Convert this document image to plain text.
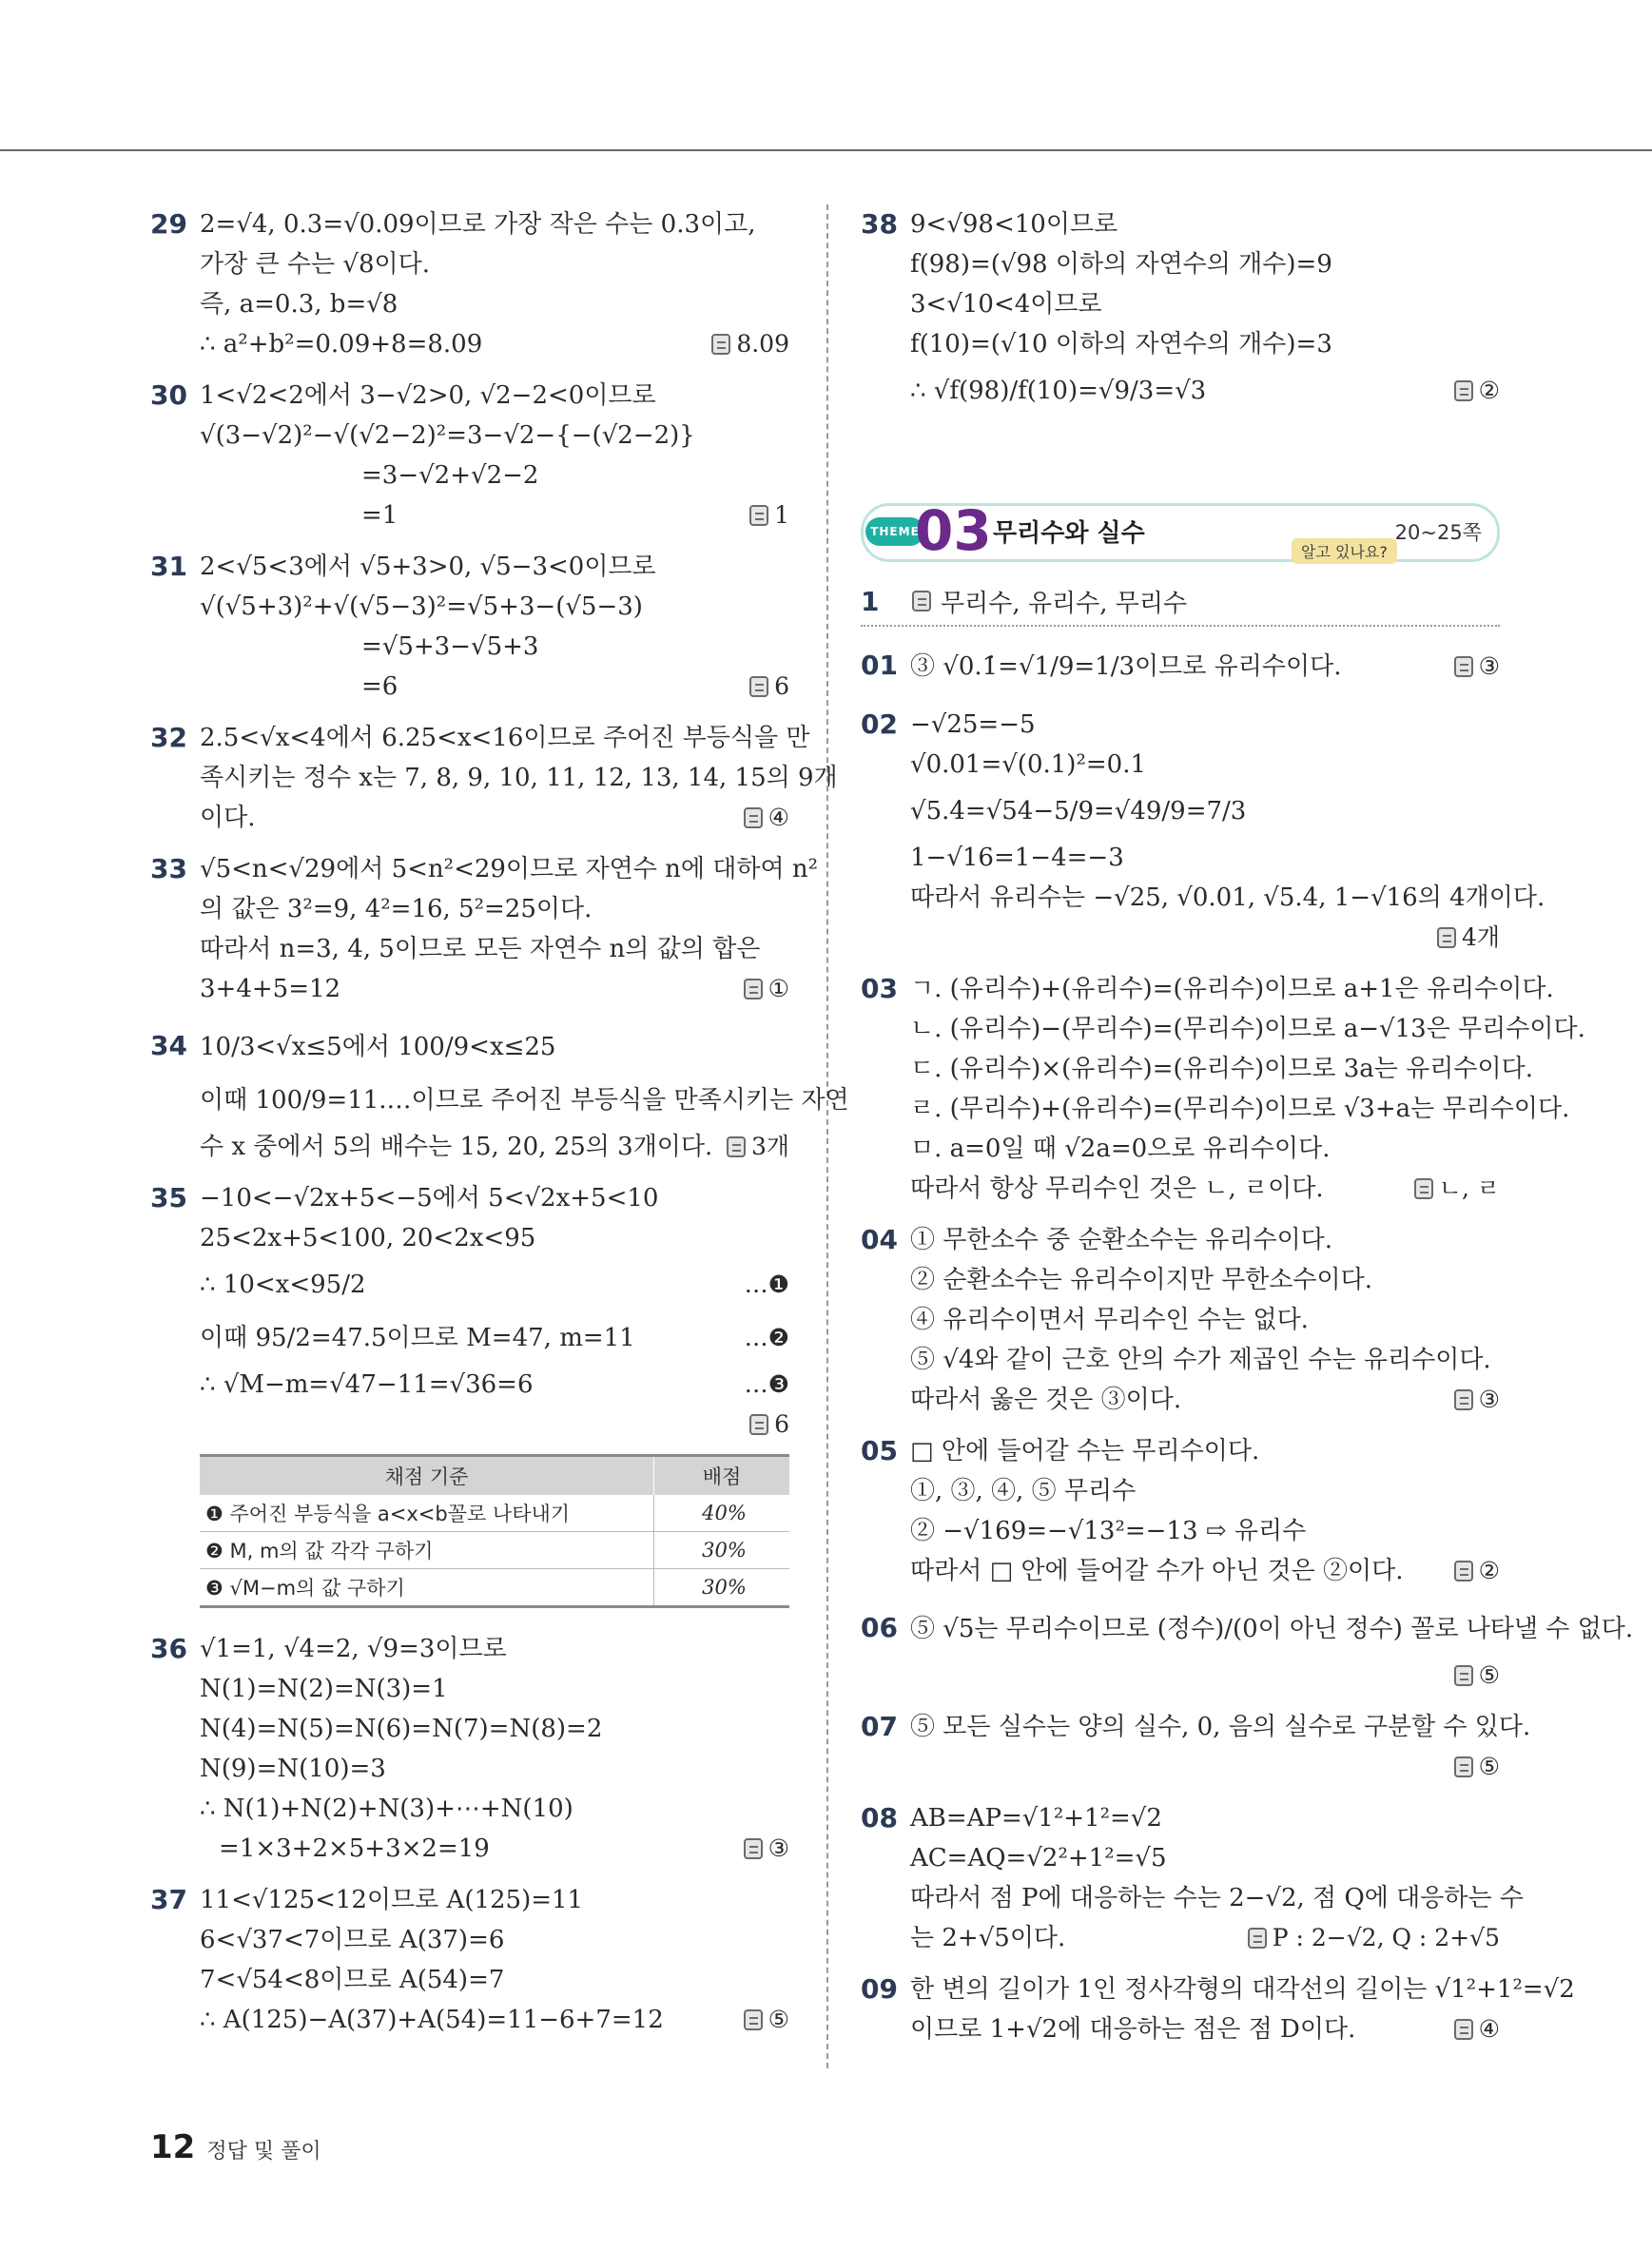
29 2=√4, 0.3=√0.09이므로 가장 작은 수는 0.3이고,
가장 큰 수는 √8이다.
즉, a=0.3, b=√8
∴ a²+b²=0.09+8=8.09	8.09
30 1<√2<2에서 3−√2>0, √2−2<0이므로
√(3−√2)²−√(√2−2)²=3−√2−{−(√2−2)}
=3−√2+√2−2
=1	1
31 2<√5<3에서 √5+3>0, √5−3<0이므로
√(√5+3)²+√(√5−3)²=√5+3−(√5−3)
=√5+3−√5+3
=6	6
32 2.5<√x<4에서 6.25<x<16이므로 주어진 부등식을 만
족시키는 정수 x는 7, 8, 9, 10, 11, 12, 13, 14, 15의 9개
이다.	④
33 √5<n<√29에서 5<n²<29이므로 자연수 n에 대하여 n²
의 값은 3²=9, 4²=16, 5²=25이다.
따라서 n=3, 4, 5이므로 모든 자연수 n의 값의 합은
3+4+5=12	①
34 10/3<√x≤5에서 100/9<x≤25
이때 100/9=11.…이므로 주어진 부등식을 만족시키는 자연
수 x 중에서 5의 배수는 15, 20, 25의 3개이다.	3개
35 −10<−√2x+5<−5에서 5<√2x+5<10
25<2x+5<100, 20<2x<95
∴ 10<x<95/2	…❶
이때 95/2=47.5이므로 M=47, m=11	…❷
∴ √M−m=√47−11=√36=6	…❸
6
채점 기준	배점
❶ 주어진 부등식을 a<x<b꼴로 나타내기	40%
❷ M, m의 값 각각 구하기	30%
❸ √M−m의 값 구하기	30%
36 √1=1, √4=2, √9=3이므로
N(1)=N(2)=N(3)=1
N(4)=N(5)=N(6)=N(7)=N(8)=2
N(9)=N(10)=3
∴ N(1)+N(2)+N(3)+⋯+N(10)
=1×3+2×5+3×2=19	③
37 11<√125<12이므로 A(125)=11
6<√37<7이므로 A(37)=6
7<√54<8이므로 A(54)=7
∴ A(125)−A(37)+A(54)=11−6+7=12	⑤
38 9<√98<10이므로
f(98)=(√98 이하의 자연수의 개수)=9
3<√10<4이므로
f(10)=(√10 이하의 자연수의 개수)=3
∴ √f(98)/f(10)=√9/3=√3	②
THEME
03 무리수와 실수
알고 있나요?
20~25쪽
1	무리수, 유리수, 무리수
01 ③ √0.1̇=√1/9=1/3이므로 유리수이다.	③
02 −√25=−5
√0.01=√(0.1)²=0.1
√5.4̇=√54−5/9=√49/9=7/3
1−√16=1−4=−3
따라서 유리수는 −√25, √0.01, √5.4̇, 1−√16의 4개이다.
4개
03 ㄱ. (유리수)+(유리수)=(유리수)이므로 a+1은 유리수이다.
ㄴ. (유리수)−(무리수)=(무리수)이므로 a−√13은 무리수이다.
ㄷ. (유리수)×(유리수)=(유리수)이므로 3a는 유리수이다.
ㄹ. (무리수)+(유리수)=(무리수)이므로 √3+a는 무리수이다.
ㅁ. a=0일 때 √2a=0으로 유리수이다.
따라서 항상 무리수인 것은 ㄴ, ㄹ이다.	ㄴ, ㄹ
04 ① 무한소수 중 순환소수는 유리수이다.
② 순환소수는 유리수이지만 무한소수이다.
④ 유리수이면서 무리수인 수는 없다.
⑤ √4와 같이 근호 안의 수가 제곱인 수는 유리수이다.
따라서 옳은 것은 ③이다.	③
05 □ 안에 들어갈 수는 무리수이다.
①, ③, ④, ⑤ 무리수
② −√169=−√13²=−13 ⇨ 유리수
따라서 □ 안에 들어갈 수가 아닌 것은 ②이다.	②
06 ⑤ √5는 무리수이므로 (정수)/(0이 아닌 정수) 꼴로 나타낼 수 없다.
⑤
07 ⑤ 모든 실수는 양의 실수, 0, 음의 실수로 구분할 수 있다.
⑤
08 AB=AP=√1²+1²=√2
AC=AQ=√2²+1²=√5
따라서 점 P에 대응하는 수는 2−√2, 점 Q에 대응하는 수
는 2+√5이다.	P : 2−√2, Q : 2+√5
09 한 변의 길이가 1인 정사각형의 대각선의 길이는 √1²+1²=√2
이므로 1+√2에 대응하는 점은 점 D이다.	④
12 정답 및 풀이
